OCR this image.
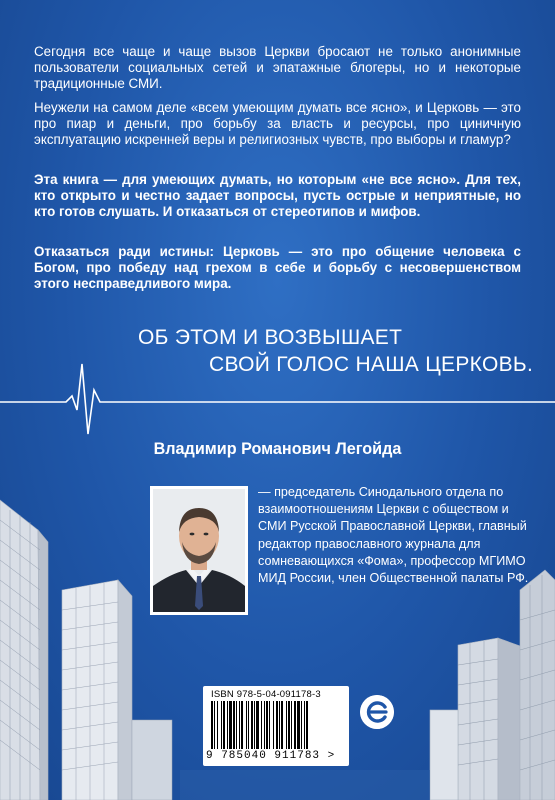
Сегодня все чаще и чаще вызов Церкви бросают не только анонимные пользователи социальных сетей и эпатажные блогеры, но и некоторые традиционные СМИ.

Неужели на самом деле «всем умеющим думать все ясно», и Церковь — это про пиар и деньги, про борьбу за власть и ресурсы, про циничную эксплуатацию искренней веры и религиозных чувств, про выборы и гламур?

Эта книга — для умеющих думать, но которым «не все ясно». Для тех, кто открыто и честно задает вопросы, пусть острые и неприятные, но кто готов слушать. И отказаться от стереотипов и мифов.

Отказаться ради истины: Церковь — это про общение человека с Богом, про победу над грехом в себе и борьбу с несовершенством этого несправедливого мира.

ОБ ЭТОМ И ВОЗВЫШАЕТ
СВОЙ ГОЛОС НАША ЦЕРКОВЬ.
Владимир Романович Легойда

— председатель Синодального отдела по взаимоотношениям Церкви с обществом и СМИ Русской Православной Церкви, главный редактор православного журнала для сомневающихся «Фома», профессор МГИМО МИД России, член Общественной палаты РФ.

ISBN 978-5-04-091178-3
9 785040 911783 >
